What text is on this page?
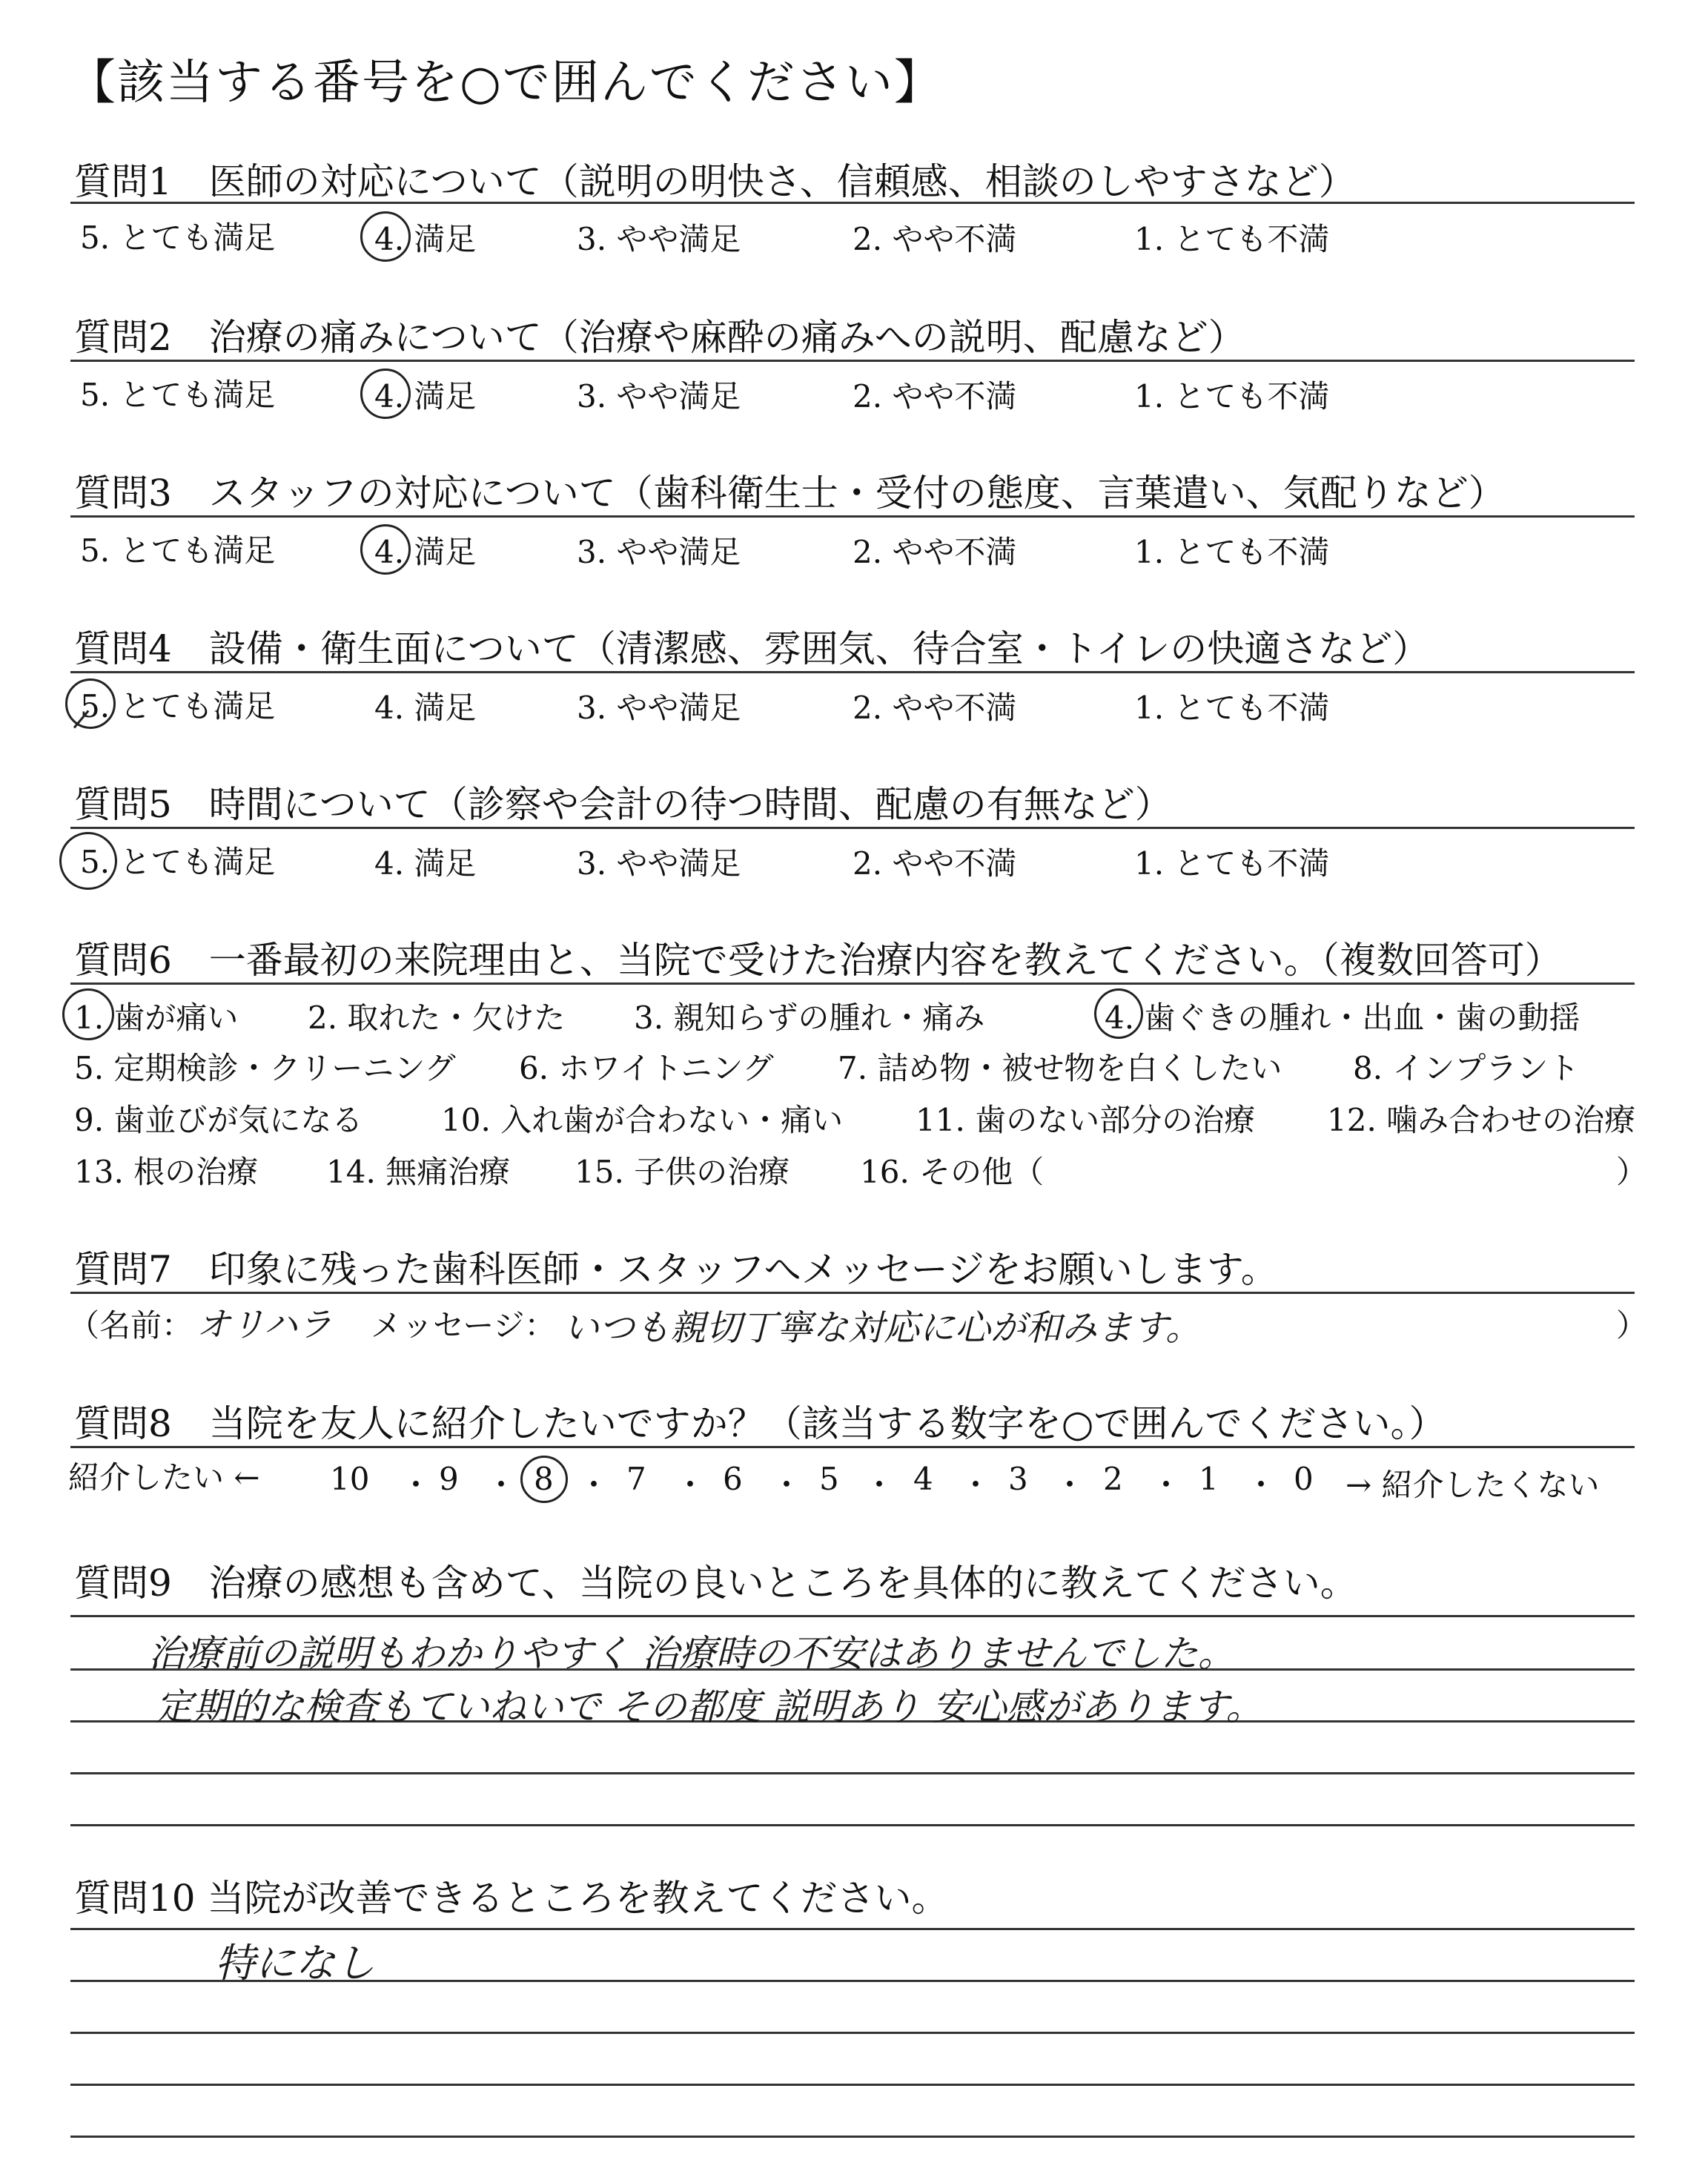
【該当する番号を○で囲んでください】
質問1　医師の対応について（説明の明快さ、信頼感、相談のしやすさなど）
5. とても満足	4. 満足	3. やや満足	2. やや不満	1. とても不満
質問2　治療の痛みについて（治療や麻酔の痛みへの説明、配慮など）
5. とても満足	4. 満足	3. やや満足	2. やや不満	1. とても不満
質問3　スタッフの対応について（歯科衛生士・受付の態度、言葉遣い、気配りなど）
5. とても満足	4. 満足	3. やや満足	2. やや不満	1. とても不満
質問4　設備・衛生面について（清潔感、雰囲気、待合室・トイレの快適さなど）
5. とても満足	4. 満足	3. やや満足	2. やや不満	1. とても不満
質問5　時間について（診察や会計の待つ時間、配慮の有無など）
5. とても満足	4. 満足	3. やや満足	2. やや不満	1. とても不満
質問6　一番最初の来院理由と、当院で受けた治療内容を教えてください。（複数回答可）
1. 歯が痛い 2. 取れた・欠けた 3. 親知らずの腫れ・痛み	4. 歯ぐきの腫れ・出血・歯の動揺
5. 定期検診・クリーニング 6. ホワイトニング 7. 詰め物・被せ物を白くしたい 8. インプラント
9. 歯並びが気になる	10. 入れ歯が合わない・痛い 11. 歯のない部分の治療 12. 噛み合わせの治療
13. 根の治療 14. 無痛治療 15. 子供の治療 16. その他（	）
質問7　印象に残った歯科医師・スタッフへメッセージをお願いします。
（名前： オリハラ メッセージ： いつも親切丁寧な対応に心が和みます。	）
質問8　当院を友人に紹介したいですか？（該当する数字を○で囲んでください。）
紹介したい ← 10 ・ 9 ・ 8 ・ 7 ・ 6 ・ 5 ・ 4 ・ 3 ・ 2 ・ 1 ・ 0 → 紹介したくない
質問9　治療の感想も含めて、当院の良いところを具体的に教えてください。
治療前の説明もわかりやすく 治療時の不安はありませんでした。
定期的な検査もていねいで その都度 説明あり 安心感があります。
質問10 当院が改善できるところを教えてください。
特になし
